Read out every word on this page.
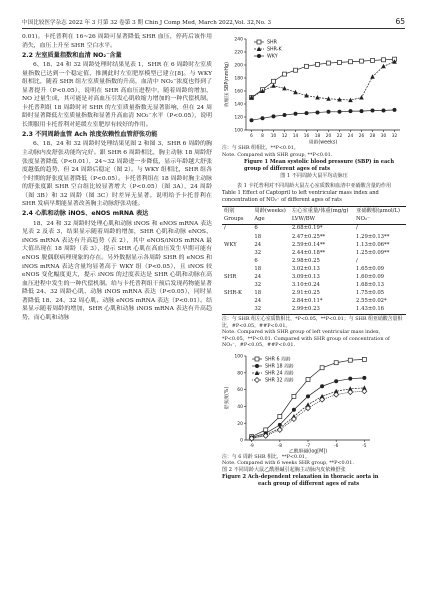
中国比较医学杂志 2022 年 3 月第 32 卷第 3 期 Chin J Comp Med, March 2022,Vol. 32,No. 3	65

0.01)。卡托普利在 16~26 周龄可显著降低 SHR 血压，停药后该作用消失，血压上升至 SHR 空白水平。

2.2 左室质量指数和血清 NO₂⁻含量

6、18、24 和 32 周龄处理时结果见表 1，SHR 在 6 周龄时左室质量指数已达到一个稳定值，推测此时左室肥厚模型已建立[8]。与 WKY 组相比，随着 SHR 组左室质量指数的升高，血清中 NO₂⁻浓度也得到了显著提升（P<0.05），说明在 SHR 高血压进程中，随着周龄的增加，NO 过量生成，其可能是对高血压引发心肌收缩力增加的一种代偿机制。卡托普利组 18 周龄时对 SHR 的左室质量指数无显著影响，但在 24 周龄时显著降低左室质量指数和显著升高血清 NO₂⁻水平（P<0.05），说明长期服用卡托普利对延缓左室肥厚有较好的作用。

2.3 不同周龄血管 Ach 浓度依赖性血管舒张功能

6、18、24 和 32 周龄时处理结果见图 2 和图 3，SHR 6 周龄的胸主动脉内皮舒张功能均完好。跟 SHR 6 周龄相比，胸主动脉 18 周龄舒张度显著降低（P<0.01），24~32 周龄进一步降低，显示年龄越大舒张度越低的趋势，但 24 周龄后稳定（图 2）。与 WKY 组相比，SHR 组各个时期的舒张度显著降低（P<0.05）。卡托普利组在 18 周龄时胸主动脉的舒张度跟 SHR 空白组比较显著增大（P<0.05）（图 3A），24 周龄（图 3B）和 32 周龄（图 3C）时差异无显著。说明给予卡托普利在 SHR 发病早期能显著改善胸主动脉舒张功能。

2.4 心肌和动脉 iNOS、eNOS mRNA 表达

18、24 和 32 周龄时处理心肌和动脉 iNOS 和 eNOS mRNA 表达见表 2 及表 3，结果显示随着周龄的增加，SHR 心肌和动脉 eNOS、iNOS mRNA 表达有升高趋势（表 2），其中 eNOS/iNOS mRNA 最大值出现在 18 周龄（表 3），提示 SHR 心肌在高血压发生早期可能有 eNOS 脱偶联病理现象的存在。另外数据显示各周龄 SHR 的 eNOS 和 iNOS mRNA 表达含量均显著高于 WKY 组（P<0.05），且 iNOS 较 eNOS 变化幅度更大，提示 iNOS 的过度表达是 SHR 心肌和动脉在高血压进程中发生的一种代偿机制。给与卡托普利组干预后发现药物能显著降低 24、32 周龄心肌、动脉 iNOS mRNA 表达（P<0.05），同时显著降低 18、24、32 周心肌、动脉 eNOS mRNA 表达（P<0.01）。结果显示随着周龄的增加，SHR 心肌和动脉 iNOS mRNA 表达有升高趋势，而心肌和动脉

100
120
140
160
180
200
220
240
6 8 10 12 14 16 18 20 22 24 26 28 30 32
周龄(weeks)
收缩压 SBP(mmHg)
SHR
SHR-K
WKY

注：与 SHR 组相比，**P<0.01。

Note. Compared with SHR group, **P<0.01.

Figure 1 Mean systolic blood pressure (SBP) in each group of different ages of rats

图 1 不同周龄大鼠平均动脉压

表 1 卡托普利对不同周龄大鼠左心室质数和血清中亚硝酸含量的作用

Table 1 Effect of Captopril to left ventricular mass index and concentration of NO₂⁻ of different ages of rats

组别 Groups	周龄(weeks) Age	左心室重量/体重(mg/g) LVW/BW	亚硝酸根(μmol/L) NO₂⁻
/	6	2.68±0.19*	/
	18	2.47±0.25**	1.29±0.13**
WKY	24	2.59±0.14**	1.13±0.06**
	32	2.44±0.18**	1.25±0.09**
	6	2.98±0.25	/
	18	3.02±0.13	1.65±0.09
SHR	24	3.09±0.13	1.60±0.09
	32	3.10±0.24	1.68±0.13
SHR-K	18	2.91±0.25	1.75±0.05
	24	2.84±0.11*	2.55±0.02*
	32	2.99±0.23	1.43±0.16

注：与 SHR 组左心室质数相比，*P<0.05，**P<0.01；与 SHR 组亚硝酸含量相比，#P<0.05，##P<0.01。

Note. Compared with SHR group of left ventricular mass index, *P<0.05，**P<0.01. Compared with SHR group of concentration of NO₂⁻，#P<0.05，##P<0.01.

0
20
40
60
80
100
-9	-8	-7	-6	-5
乙酰胆碱(log[M])
舒张度(%)
SHR 6 周龄
SHR 18 周龄
SHR 24 周龄
SHR 32 周龄

注：与 6 周龄 SHR 相比，**P<0.01。

Note. Compared with 6 weeks SHR group, **P<0.01.

图 2 不同周龄大鼠乙酰胆碱引起胸主动脉内皮依赖舒张

Figure 2 Ach-dependent relaxation in thoracic aorta in

each group of different ages of rats
